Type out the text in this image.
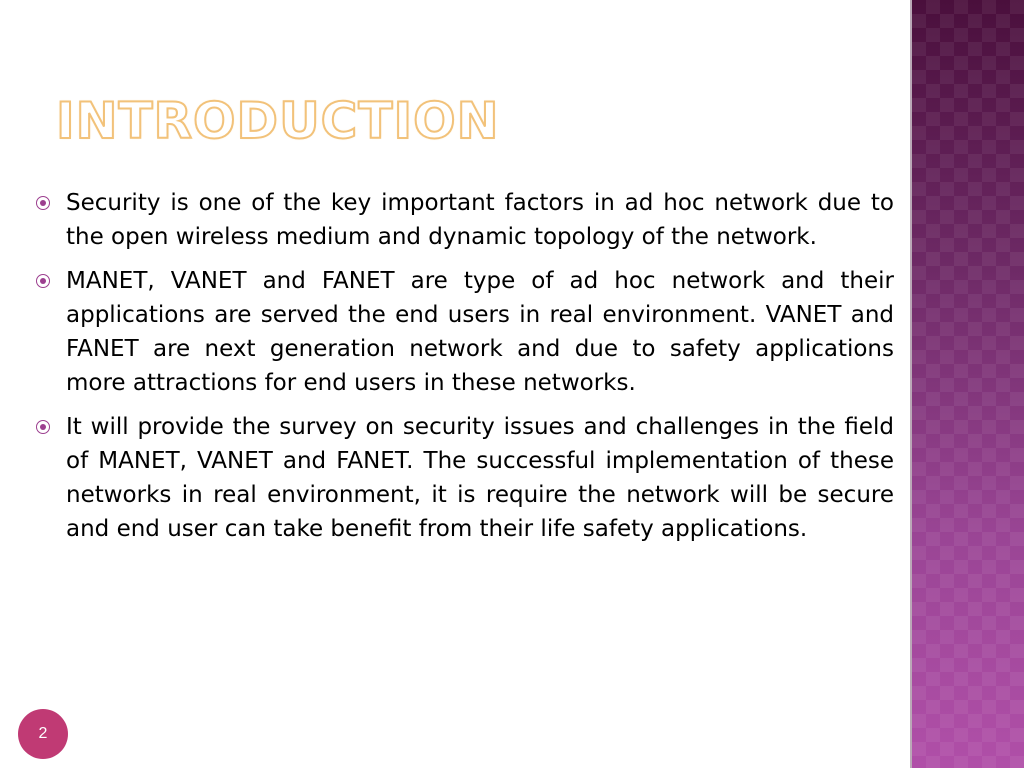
INTRODUCTION
Security is one of the key important factors in ad hoc network due to the open wireless medium and dynamic topology of the network.
MANET, VANET and FANET are type of ad hoc network and their applications are served the end users in real environment. VANET and FANET are next generation network and due to safety applications more attractions for end users in these networks.
It will provide the survey on security issues and challenges in the field of MANET, VANET and FANET. The successful implementation of these networks in real environment, it is require the network will be secure and end user can take benefit from their life safety applications.
2
